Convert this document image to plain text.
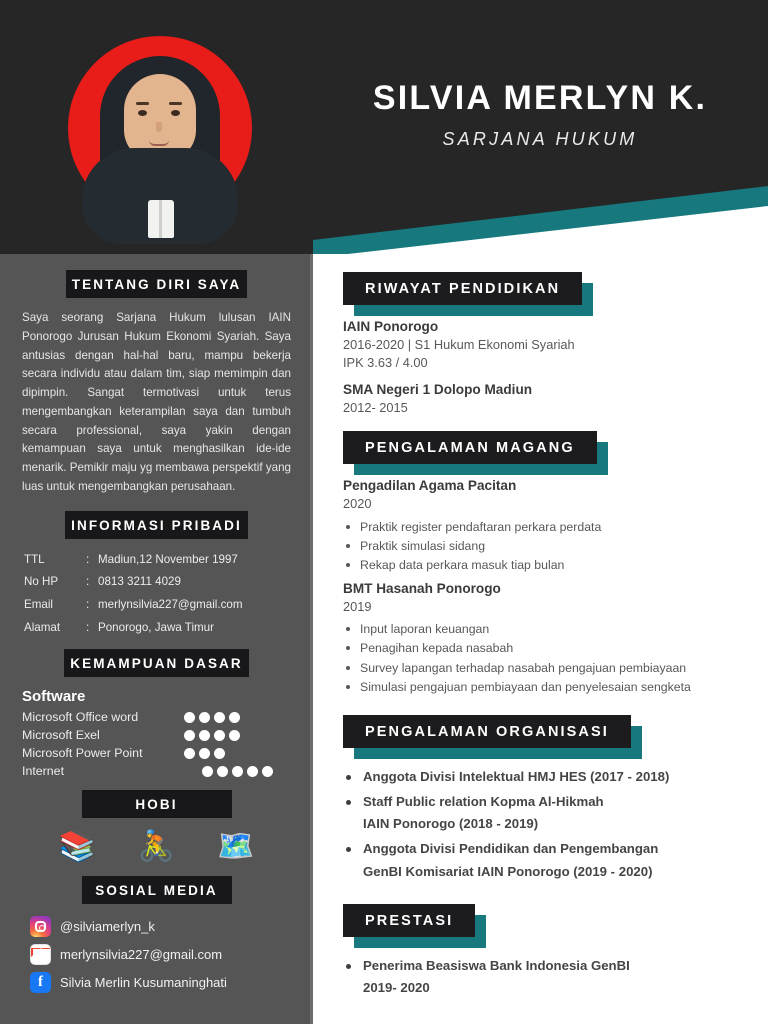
SILVIA MERLYN K.
SARJANA HUKUM
TENTANG DIRI SAYA
Saya seorang Sarjana Hukum lulusan IAIN Ponorogo Jurusan Hukum Ekonomi Syariah. Saya antusias dengan hal-hal baru, mampu bekerja secara individu atau dalam tim, siap memimpin dan dipimpin. Sangat termotivasi untuk terus mengembangkan keterampilan saya dan tumbuh secara professional, saya yakin dengan kemampuan saya untuk menghasilkan ide-ide menarik. Pemikir maju yg membawa perspektif yang luas untuk mengembangkan perusahaan.
INFORMASI PRIBADI
TTL	: Madiun,12 November 1997
No HP	: 0813 3211 4029
Email	: merlynsilvia227@gmail.com
Alamat	: Ponorogo, Jawa Timur
KEMAMPUAN DASAR
Software
Microsoft Office word
Microsoft Exel
Microsoft Power Point
Internet
HOBI
📚 🚴 🗺️
SOSIAL MEDIA
@silviamerlyn_k
merlynsilvia227@gmail.com
f	Silvia Merlin Kusumaninghati
RIWAYAT PENDIDIKAN
IAIN Ponorogo
2016-2020 | S1 Hukum Ekonomi Syariah
IPK 3.63 / 4.00
SMA Negeri 1 Dolopo Madiun
2012- 2015
PENGALAMAN MAGANG
Pengadilan Agama Pacitan
2020
Praktik register pendaftaran perkara perdata
Praktik simulasi sidang
Rekap data perkara masuk tiap bulan
BMT Hasanah Ponorogo
2019
Input laporan keuangan
Penagihan kepada nasabah
Survey lapangan terhadap nasabah pengajuan pembiayaan
Simulasi pengajuan pembiayaan dan penyelesaian sengketa
PENGALAMAN ORGANISASI
Anggota Divisi Intelektual HMJ HES (2017 - 2018)
Staff Public relation Kopma Al-Hikmah
IAIN Ponorogo (2018 - 2019)
Anggota Divisi Pendidikan dan Pengembangan
GenBI Komisariat IAIN Ponorogo (2019 - 2020)
PRESTASI
Penerima Beasiswa Bank Indonesia GenBI
2019- 2020
